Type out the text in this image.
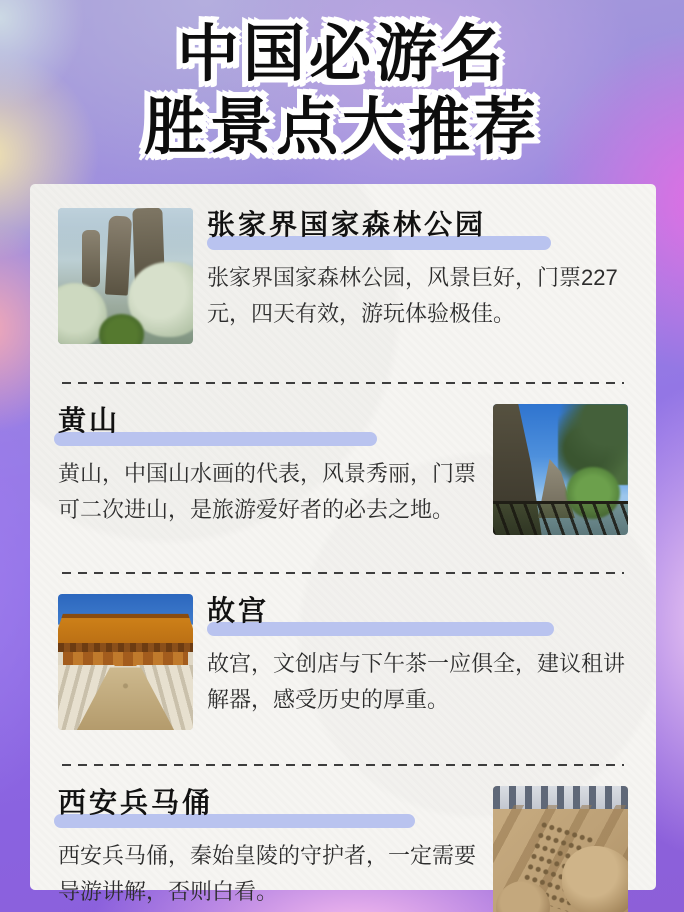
中国必游名
胜景点大推荐
张家界国家森林公园

张家界国家森林公园，风景巨好，门票227元，四天有效，游玩体验极佳。

黄山

黄山，中国山水画的代表，风景秀丽，门票可二次进山，是旅游爱好者的必去之地。

故宫

故宫，文创店与下午茶一应俱全，建议租讲解器，感受历史的厚重。

西安兵马俑

西安兵马俑，秦始皇陵的守护者，一定需要导游讲解，否则白看。
